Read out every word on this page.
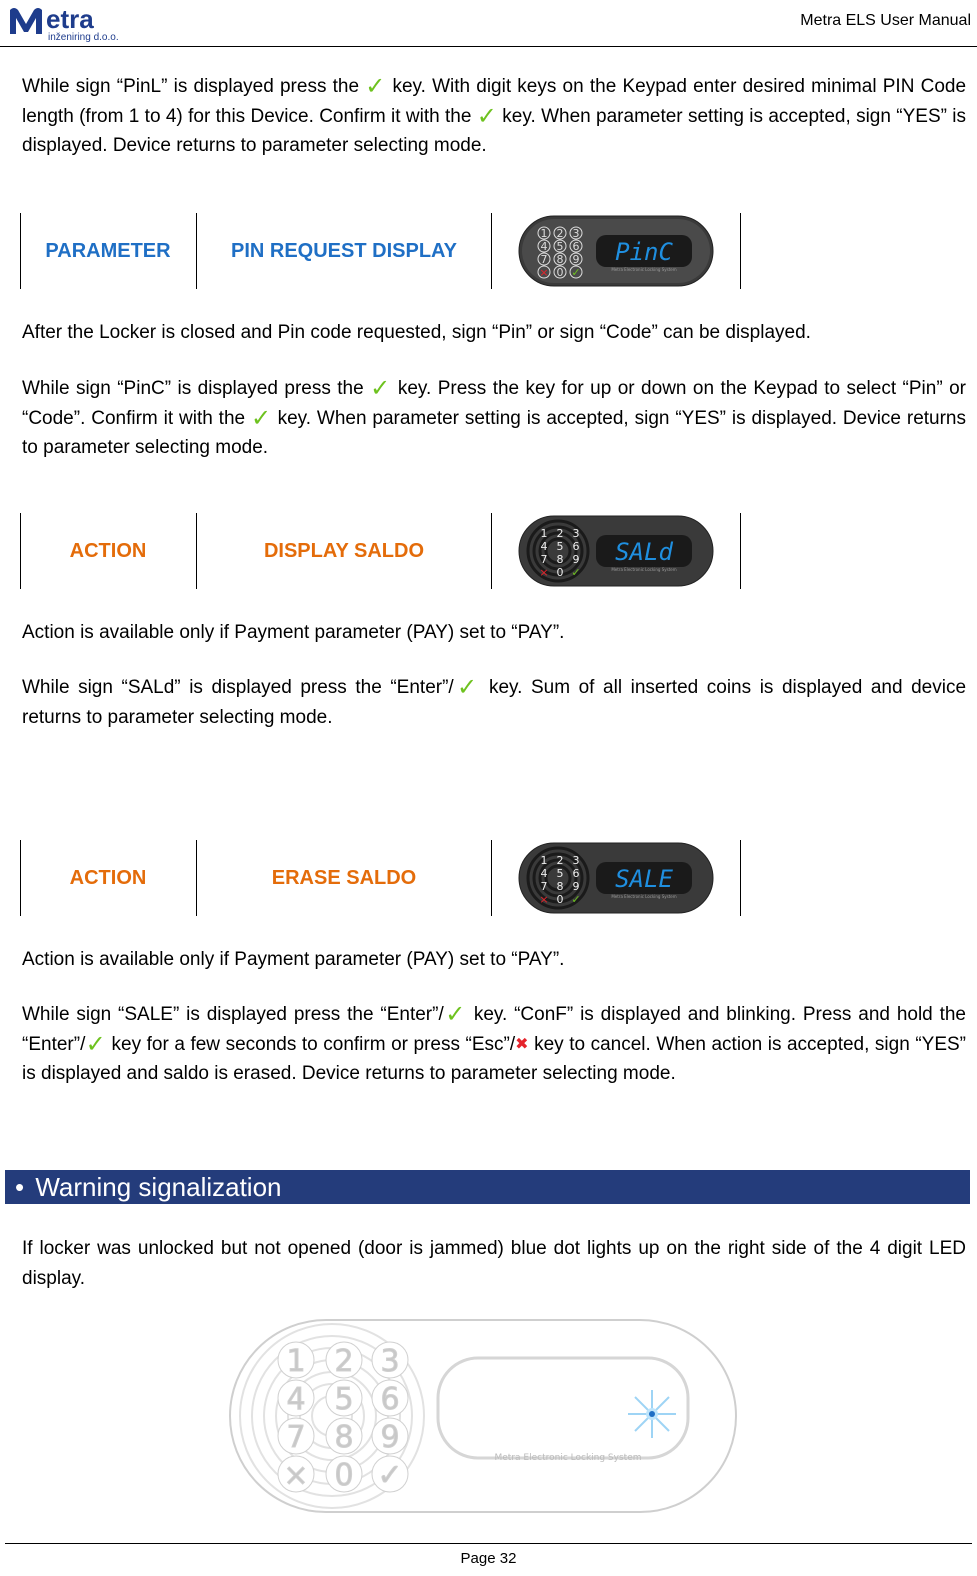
etra
inženiring d.o.o.
Metra ELS User Manual
While sign “PinL” is displayed press the ✓ key. With digit keys on the Keypad enter desired minimal PIN Code length (from 1 to 4) for this Device. Confirm it with the ✓ key. When parameter setting is accepted, sign “YES” is displayed. Device returns to parameter selecting mode.
PARAMETER	PIN REQUEST DISPLAY
1 2 3
4 5 6
7 8 9
× 0 ✓
PinC
Metra Electronic Locking System
After the Locker is closed and Pin code requested, sign “Pin” or sign “Code” can be displayed.
While sign “PinC” is displayed press the ✓ key. Press the key for up or down on the Keypad to select “Pin” or “Code”. Confirm it with the ✓ key. When parameter setting is accepted, sign “YES” is displayed. Device returns to parameter selecting mode.
ACTION	DISPLAY SALDO
1 2 3
4 5 6
7 8 9
× 0 ✓
SALd
Metra Electronic Locking System
Action is available only if Payment parameter (PAY) set to “PAY”.
While sign “SALd” is displayed press the “Enter”/✓ key. Sum of all inserted coins is displayed and device returns to parameter selecting mode.
ACTION	ERASE SALDO
1 2 3
4 5 6
7 8 9
× 0 ✓
SALE
Metra Electronic Locking System
Action is available only if Payment parameter (PAY) set to “PAY”.
While sign “SALE” is displayed press the “Enter”/✓ key. “ConF” is displayed and blinking. Press and hold the “Enter”/✓ key for a few seconds to confirm or press “Esc”/✖ key to cancel. When action is accepted, sign “YES” is displayed and saldo is erased. Device returns to parameter selecting mode.
• Warning signalization
If locker was unlocked but not opened (door is jammed) blue dot lights up on the right side of the 4 digit LED display.
1 2 3
4 5 6
7 8 9
× 0 ✓	Metra Electronic Locking System
Page 32
